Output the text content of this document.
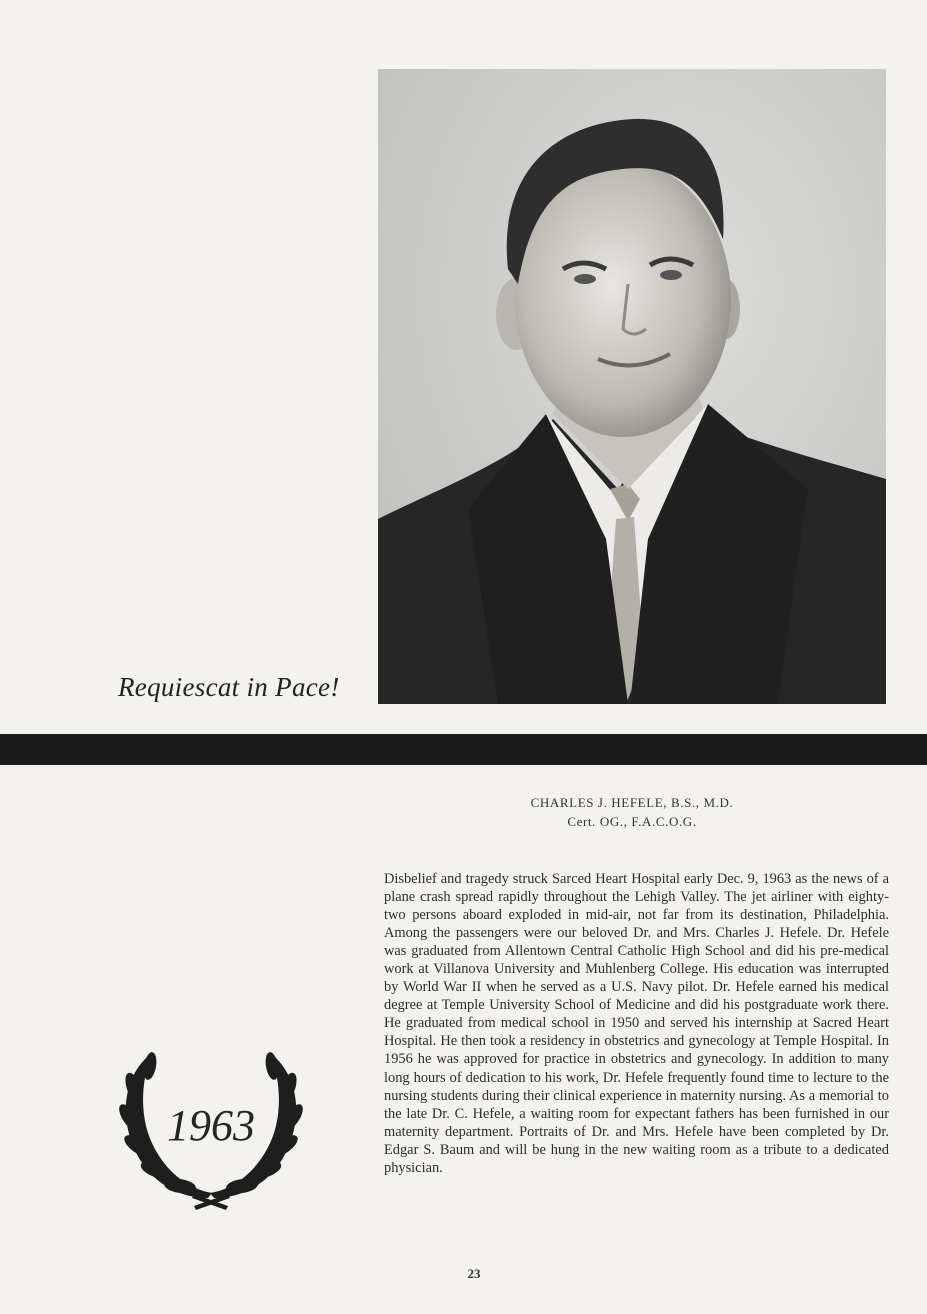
Requiescat in Pace!
CHARLES J. HEFELE, B.S., M.D.
Cert. OG., F.A.C.O.G.
Disbelief and tragedy struck Sarced Heart Hospital early Dec. 9, 1963 as the news of a plane crash spread rapidly throughout the Lehigh Valley. The jet airliner with eighty-two persons aboard exploded in mid-air, not far from its destination, Philadelphia. Among the passengers were our beloved Dr. and Mrs. Charles J. Hefele. Dr. Hefele was graduated from Allentown Central Catholic High School and did his pre-medical work at Villanova University and Muhlenberg College. His education was interrupted by World War II when he served as a U.S. Navy pilot. Dr. Hefele earned his medical degree at Temple University School of Medicine and did his postgraduate work there. He graduated from medical school in 1950 and served his internship at Sacred Heart Hospital. He then took a residency in obstetrics and gynecology at Temple Hospital. In 1956 he was approved for practice in obstetrics and gynecology. In addition to many long hours of dedication to his work, Dr. Hefele frequently found time to lecture to the nursing students during their clinical experience in maternity nursing. As a memorial to the late Dr. C. Hefele, a waiting room for expectant fathers has been furnished in our maternity department. Portraits of Dr. and Mrs. Hefele have been completed by Dr. Edgar S. Baum and will be hung in the new waiting room as a tribute to a dedicated physician.
1963
23
